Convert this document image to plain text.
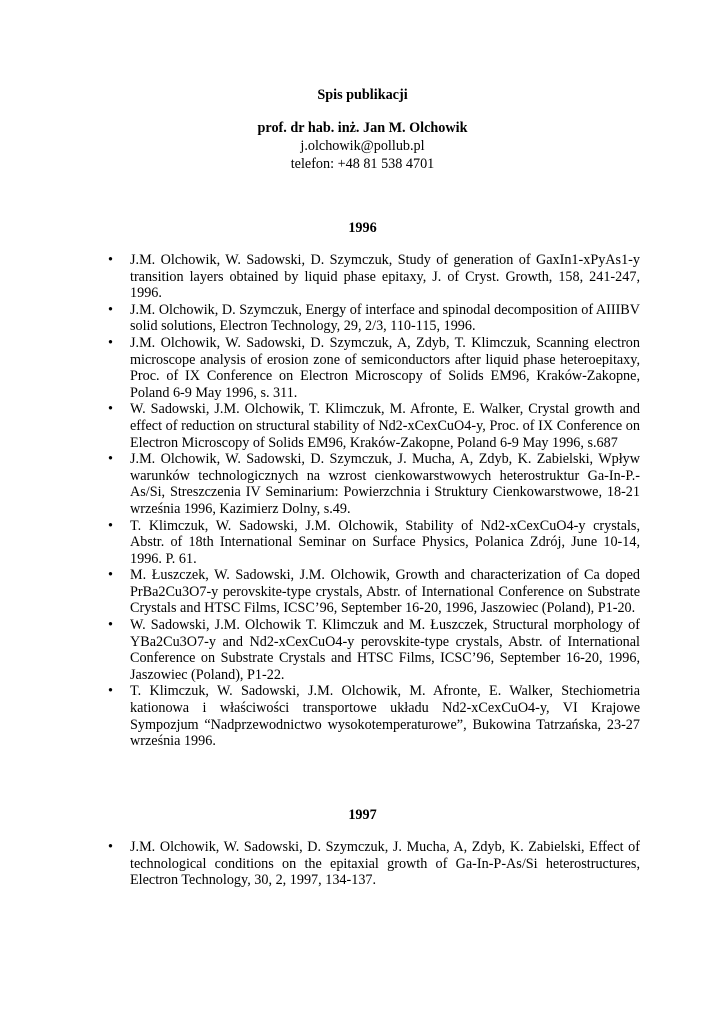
Spis publikacji
prof. dr hab. inż. Jan M. Olchowik
j.olchowik@pollub.pl
telefon: +48 81 538 4701
1996
•	J.M. Olchowik, W. Sadowski, D. Szymczuk, Study of generation of GaxIn1-xPyAs1-y transition layers obtained by liquid phase epitaxy, J. of Cryst. Growth, 158, 241-247, 1996.
•	J.M. Olchowik, D. Szymczuk, Energy of interface and spinodal decomposition of AIIIBV solid solutions, Electron Technology, 29, 2/3, 110-115, 1996.
•	J.M. Olchowik, W. Sadowski, D. Szymczuk, A, Zdyb, T. Klimczuk, Scanning electron microscope analysis of erosion zone of semiconductors after liquid phase heteroepitaxy, Proc. of IX Conference on Electron Microscopy of Solids EM96, Kraków-Zakopne, Poland 6-9 May 1996, s. 311.
•	W. Sadowski, J.M. Olchowik, T. Klimczuk, M. Afronte, E. Walker, Crystal growth and effect of reduction on structural stability of Nd2-xCexCuO4-y, Proc. of IX Conference on Electron Microscopy of Solids EM96, Kraków-Zakopne, Poland 6-9 May 1996, s.687
•	J.M. Olchowik, W. Sadowski, D. Szymczuk, J. Mucha, A, Zdyb, K. Zabielski, Wpływ warunków technologicznych na wzrost cienkowarstwowych heterostruktur Ga-In-P.-As/Si, Streszczenia IV Seminarium: Powierzchnia i Struktury Cienkowarstwowe, 18-21 września 1996, Kazimierz Dolny, s.49.
•	T. Klimczuk, W. Sadowski, J.M. Olchowik, Stability of Nd2-xCexCuO4-y crystals, Abstr. of 18th International Seminar on Surface Physics, Polanica Zdrój, June 10-14, 1996. P. 61.
•	M. Łuszczek, W. Sadowski, J.M. Olchowik, Growth and characterization of Ca doped PrBa2Cu3O7-y perovskite-type crystals, Abstr. of International Conference on Substrate Crystals and HTSC Films, ICSC’96, September 16-20, 1996, Jaszowiec (Poland), P1-20.
•	W. Sadowski, J.M. Olchowik T. Klimczuk and M. Łuszczek, Structural morphology of YBa2Cu3O7-y and Nd2-xCexCuO4-y perovskite-type crystals, Abstr. of International Conference on Substrate Crystals and HTSC Films, ICSC’96, September 16-20, 1996, Jaszowiec (Poland), P1-22.
•	T. Klimczuk, W. Sadowski, J.M. Olchowik, M. Afronte, E. Walker, Stechiometria kationowa i właściwości transportowe układu Nd2-xCexCuO4-y, VI Krajowe Sympozjum “Nadprzewodnictwo wysokotemperaturowe”, Bukowina Tatrzańska, 23-27 września 1996.
1997
•	J.M. Olchowik, W. Sadowski, D. Szymczuk, J. Mucha, A, Zdyb, K. Zabielski, Effect of technological conditions on the epitaxial growth of Ga-In-P-As/Si heterostructures, Electron Technology, 30, 2, 1997, 134-137.
